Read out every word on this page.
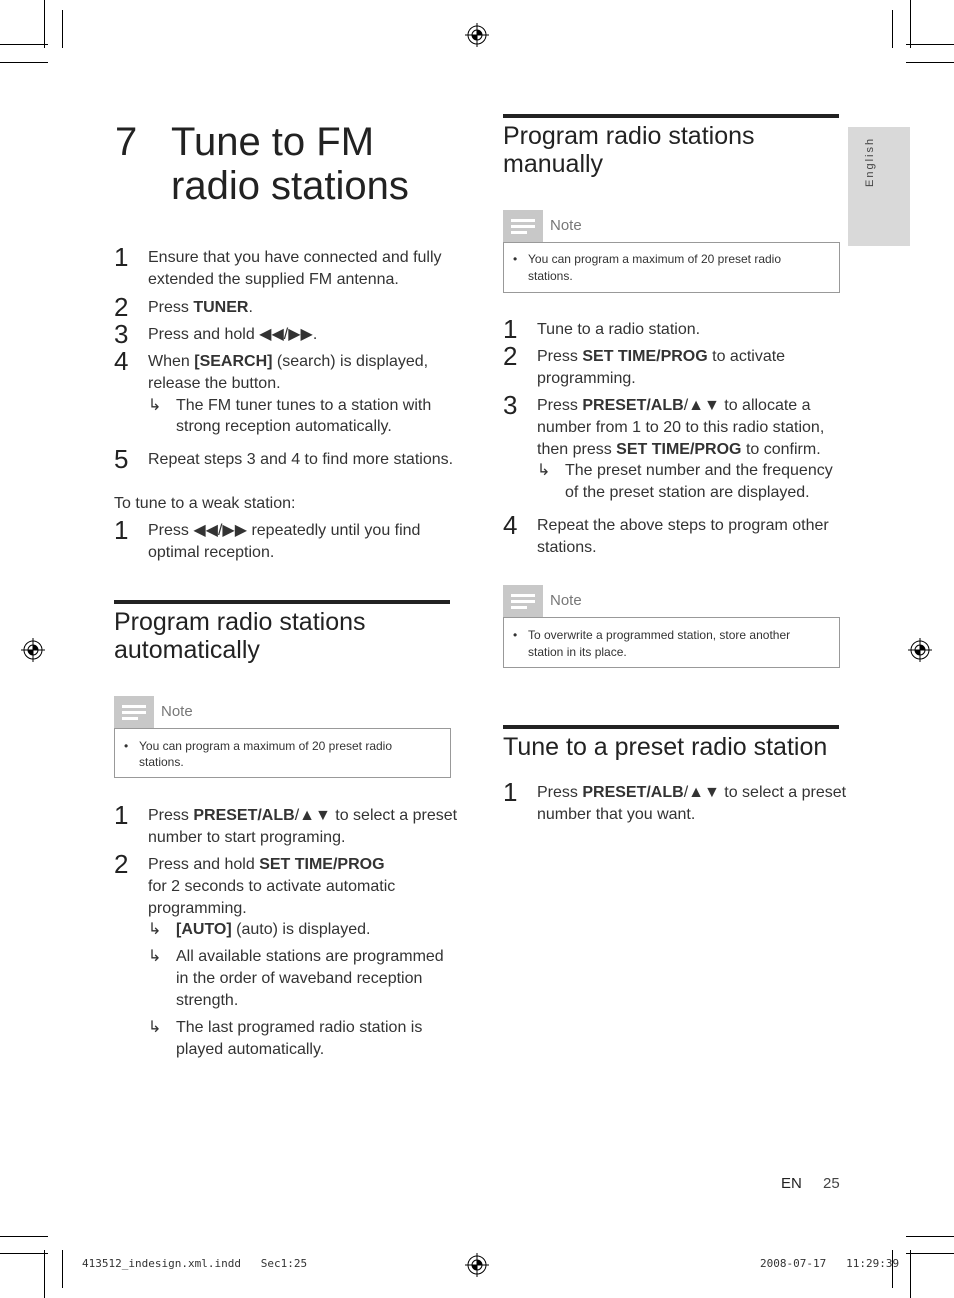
English
7 Tune to FM
radio stations
1 Ensure that you have connected and fully
extended the supplied FM antenna.
2 Press TUNER.
3 Press and hold ◀◀/▶▶.
4 When [SEARCH] (search) is displayed,
release the button.
↳ The FM tuner tunes to a station with
strong reception automatically.
5 Repeat steps 3 and 4 to find more stations.
To tune to a weak station:
1 Press ◀◀/▶▶ repeatedly until you find
optimal reception.
Program radio stations
automatically
Note
• You can program a maximum of 20 preset radio
stations.
1 Press PRESET/ALB/▲▼ to select a preset
number to start programing.
2 Press and hold SET TIME/PROG
for 2 seconds to activate automatic
programming.
↳ [AUTO] (auto) is displayed.
↳ All available stations are programmed
in the order of waveband reception
strength.
↳ The last programed radio station is
played automatically.
Program radio stations
manually
Note
• You can program a maximum of 20 preset radio
stations.
1 Tune to a radio station.
2 Press SET TIME/PROG to activate
programming.
3 Press PRESET/ALB/▲▼ to allocate a
number from 1 to 20 to this radio station,
then press SET TIME/PROG to confirm.
↳ The preset number and the frequency
of the preset station are displayed.
4 Repeat the above steps to program other
stations.
Note
• To overwrite a programmed station, store another
station in its place.
Tune to a preset radio station
1 Press PRESET/ALB/▲▼ to select a preset
number that you want.
EN 25
413512_indesign.xml.indd   Sec1:25	2008-07-17   11:29:39
